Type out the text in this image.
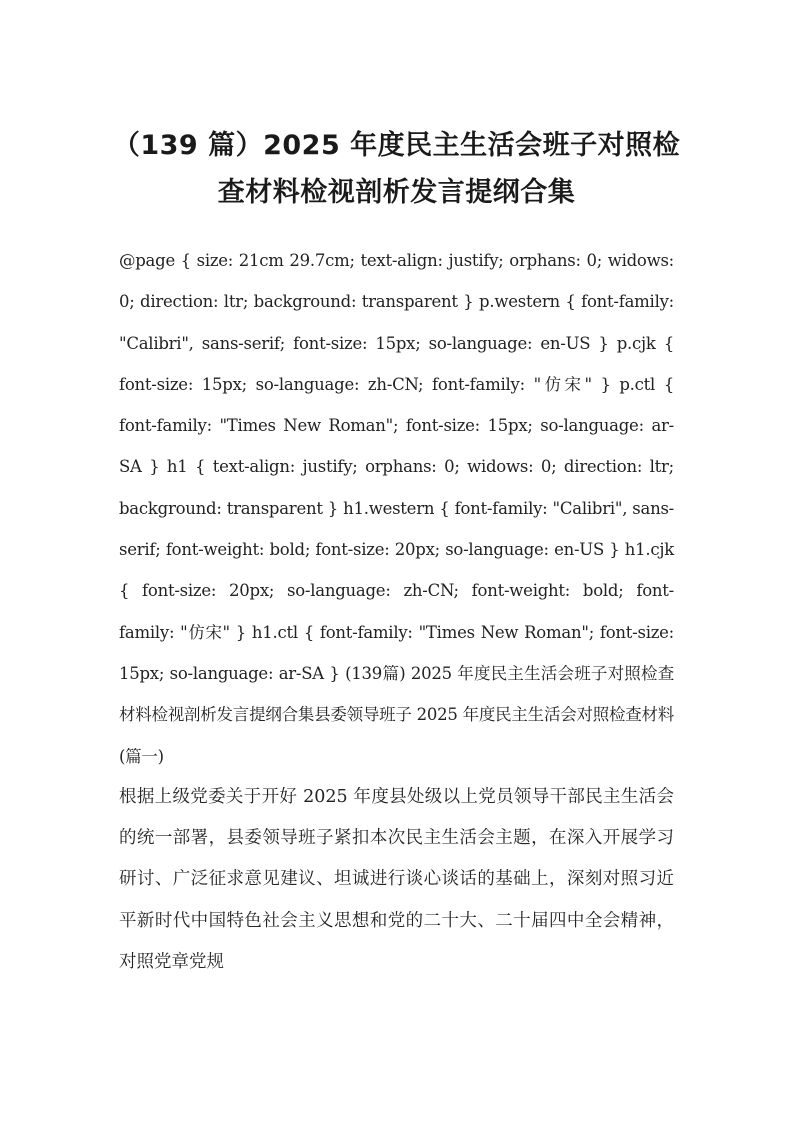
（139 篇）2025 年度民主生活会班子对照检查材料检视剖析发言提纲合集

@page { size: 21cm 29.7cm; text-align: justify; orphans: 0; widows: 0; direction: ltr; background: transparent } p.western { font-family: "Calibri", sans-serif; font-size: 15px; so-language: en-US } p.cjk { font-size: 15px; so-language: zh-CN; font-family: "仿宋" } p.ctl { font-family: "Times New Roman"; font-size: 15px; so-language: ar-SA } h1 { text-align: justify; orphans: 0; widows: 0; direction: ltr; background: transparent } h1.western { font-family: "Calibri", sans-serif; font-weight: bold; font-size: 20px; so-language: en-US } h1.cjk { font-size: 20px; so-language: zh-CN; font-weight: bold; font-family: "仿宋" } h1.ctl { font-family: "Times New Roman"; font-size: 15px; so-language: ar-SA } (139篇) 2025 年度民主生活会班子对照检查材料检视剖析发言提纲合集县委领导班子 2025 年度民主生活会对照检查材料(篇一)

根据上级党委关于开好 2025 年度县处级以上党员领导干部民主生活会的统一部署，县委领导班子紧扣本次民主生活会主题，在深入开展学习研讨、广泛征求意见建议、坦诚进行谈心谈话的基础上，深刻对照习近平新时代中国特色社会主义思想和党的二十大、二十届四中全会精神，对照党章党规
